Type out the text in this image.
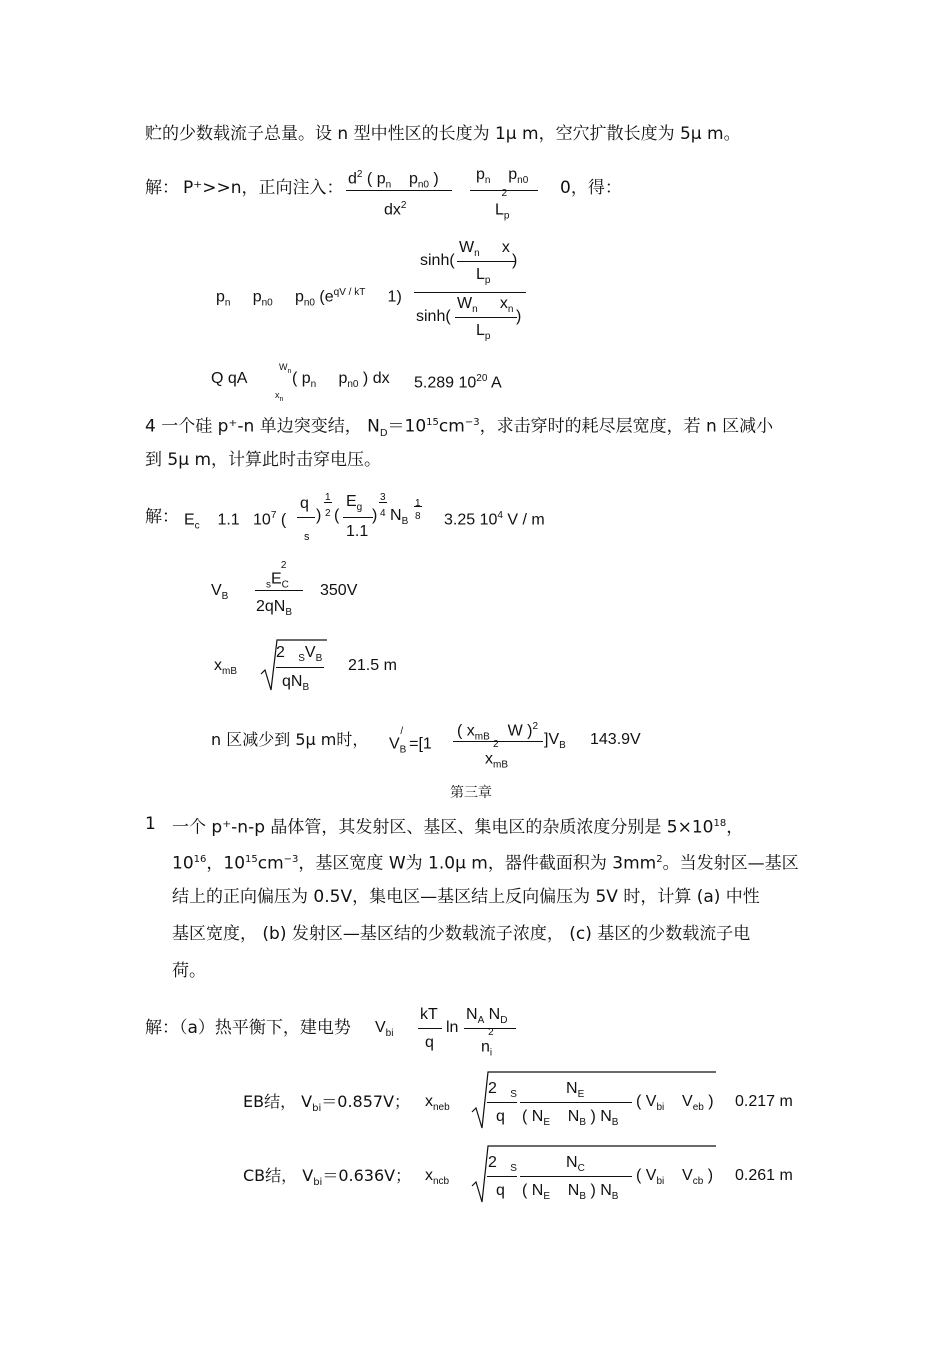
贮的少数载流子总量。设 n 型中性区的长度为 1μ m，空穴扩散长度为 5μ m。
解： P⁺>>n，正向注入： $d^2$ ( $p_n$    $p_{n0}$ )
$dx^2$
$p_n$    $p_{n0}$
$L_p^2$	0，得：
$p_n$     $p_{n0}$     $p_{n0}$ ($e^{qV / kT}$     1)
sinh(
$W_n$     x
$L_p$
)
sinh(
$W_n$     $x_n$
$L_p$
)
Q qA
$W_n$
$x_n$
( $p_n$     $p_{n0}$ ) dx 5.289 $10^{20}$ A
4 一个硅 p⁺-n 单边突变结， $N_D=10^{15}cm^{-3}$，求击穿时的耗尽层宽度，若 n 区减小
到 5μ m，计算此时击穿电压。
解： $E_c$    1.1   $10^7$ (
q
s
)
1
2 (
$E_g$
1.1
)
3
4 $N_B$
1
8 3.25 $10^4$ V / m
$V_B$
$_sE_C^2$
$2qN_B$
350V
$x_{mB}$
2   $_SV_B$
$qN_B$
21.5 m
n 区减少到 5μ m时， $V_B^/=[1$
( $x_{mB}$    W )$^2$
$x_{mB}^2$	]$V_B$ 143.9V
第三章
1 一个 p⁺-n-p 晶体管，其发射区、基区、集电区的杂质浓度分别是 $5\times 10^{18}$，
$10^{16}$，$10^{15}cm^{-3}$，基区宽度 W为 1.0μ m，器件截面积为 $3mm^2$。当发射区—基区
结上的正向偏压为 0.5V，集电区—基区结上反向偏压为 5V 时，计算 (a) 中性
基区宽度， (b) 发射区—基区结的少数载流子浓度， (c) 基区的少数载流子电
荷。
解：（a）热平衡下，建电势 $V_{bi}$
kT
q
ln
$N_A$ $N_D$
$n_i^2$
EB结， $V_{bi}=0.857V$； $x_{neb}$
2   $_S$
q
$N_E$
( $N_E$    $N_B$ ) $N_B$
( $V_{bi}$    $V_{eb}$ ) 0.217 m
CB结， $V_{bi}=0.636V$； $x_{ncb}$
2   $_S$
q
$N_C$
( $N_E$    $N_B$ ) $N_B$
( $V_{bi}$    $V_{cb}$ ) 0.261 m
